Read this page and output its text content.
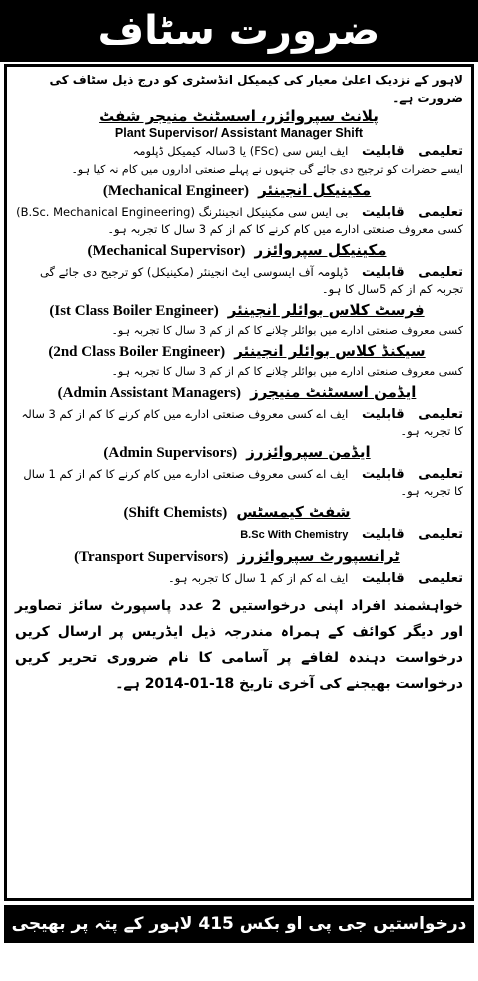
ضرورت سٹاف
لاہور کے نزدیک اعلیٰ معیار کی کیمیکل انڈسٹری کو درج ذیل سٹاف کی ضرورت ہے۔
پلانٹ سپروائزر، اسسٹنٹ منیجر شفٹ
Plant Supervisor/ Assistant Manager Shift
تعلیمی قابلیت ایف ایس سی (FSc) یا 3سالہ کیمیکل ڈپلومہ
ایسے حضرات کو ترجیح دی جائے گی جنہوں نے پہلے صنعتی اداروں میں کام نہ کیا ہو۔
(Mechanical Engineer) مکینیکل انجینئر
تعلیمی قابلیت بی ایس سی مکینیکل انجینئرنگ (B.Sc. Mechanical Engineering) کسی معروف صنعتی ادارے میں کام کرنے کا کم از کم 3 سال کا تجربہ ہو۔
(Mechanical Supervisor) مکینیکل سپروائزر
تعلیمی قابلیت ڈپلومہ آف ایسوسی ایٹ انجینئر (مکینیکل) کو ترجیح دی جائے گی تجربہ کم از کم 5سال کا ہو۔
(Ist Class Boiler Engineer) فرسٹ کلاس بوائلر انجینئر
کسی معروف صنعتی ادارے میں بوائلر چلانے کا کم از کم 3 سال کا تجربہ ہو۔
(2nd Class Boiler Engineer) سیکنڈ کلاس بوائلر انجینئر
کسی معروف صنعتی ادارے میں بوائلر چلانے کا کم از کم 3 سال کا تجربہ ہو۔
(Admin Assistant Managers) ایڈمن اسسٹنٹ منیجرز
تعلیمی قابلیت ایف اے کسی معروف صنعتی ادارے میں کام کرنے کا کم از کم 3 سالہ کا تجربہ ہو۔
(Admin Supervisors) ایڈمن سپروائزرز
تعلیمی قابلیت ایف اے کسی معروف صنعتی ادارے میں کام کرنے کا کم از کم 1 سال کا تجربہ ہو۔
(Shift Chemists) شفٹ کیمسٹس
تعلیمی قابلیت B.Sc With Chemistry
(Transport Supervisors) ٹرانسپورٹ سپروائزرز
تعلیمی قابلیت ایف اے کم از کم 1 سال کا تجربہ ہو۔
خواہشمند افراد اپنی درخواستیں 2 عدد پاسپورٹ سائز تصاویر اور دیگر کوائف کے ہمراہ مندرجہ ذیل ایڈریس پر ارسال کریں درخواست دہندہ لفافے پر آسامی کا نام ضروری تحریر کریں درخواست بھیجنے کی آخری تاریخ 18-01-2014 ہے۔
درخواستیں جی پی او بکس 415 لاہور کے پتہ پر بھیجی جائیں
